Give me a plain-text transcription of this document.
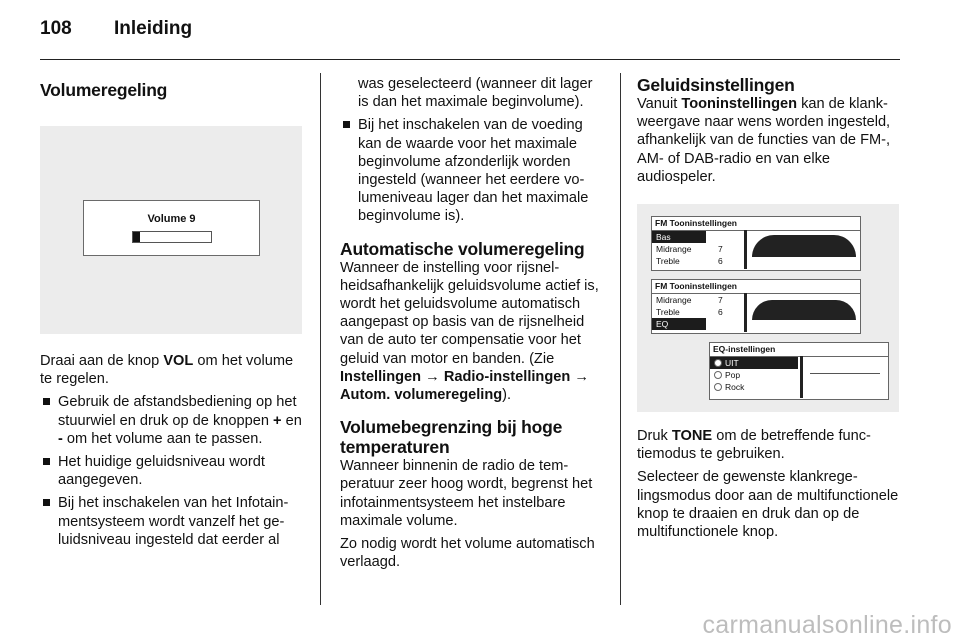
108 Inleiding
Volumeregeling
Volume 9

Draai aan de knop VOL om het volume te regelen.

Gebruik de afstandsbediening op het stuurwiel en druk op de knoppen + en - om het volume aan te passen.
Het huidige geluidsniveau wordt aangegeven.
Bij het inschakelen van het Infotainmentsysteem wordt vanzelf het geluidsniveau ingesteld dat eerder al

was geselecteerd (wanneer dit lager is dan het maximale beginvolume).

Bij het inschakelen van de voeding kan de waarde voor het maximale beginvolume afzonderlijk worden ingesteld (wanneer het eerdere volumeniveau lager dan het maximale beginvolume is).
Automatische volumeregeling

Wanneer de instelling voor rijsnelheidsafhankelijk geluidsvolume actief is, wordt het geluidsvolume automatisch aangepast op basis van de rijsnelheid van de auto ter compensatie voor het geluid van motor en banden. (Zie Instellingen → Radio-instellingen → Autom. volumeregeling).

Volumebegrenzing bij hoge
temperaturen

Wanneer binnenin de radio de temperatuur zeer hoog wordt, begrenst het infotainmentsysteem het instelbare maximale volume.

Zo nodig wordt het volume automatisch verlaagd.

Geluidsinstellingen

Vanuit Tooninstellingen kan de klankweergave naar wens worden ingesteld, afhankelijk van de functies van de FM-, AM- of DAB-radio en van elke audiospeler.

FM Tooninstellingen
Bas	6
Midrange	7
Treble	6
FM Tooninstellingen
Midrange	7
Treble	6
EQ	OFF
EQ-instellingen
UIT
Pop
Rock

Druk TONE om de betreffende functiemodus te gebruiken.

Selecteer de gewenste klankregelingsmodus door aan de multifunctionele knop te draaien en druk dan op de multifunctionele knop.

carmanualsonline.info
